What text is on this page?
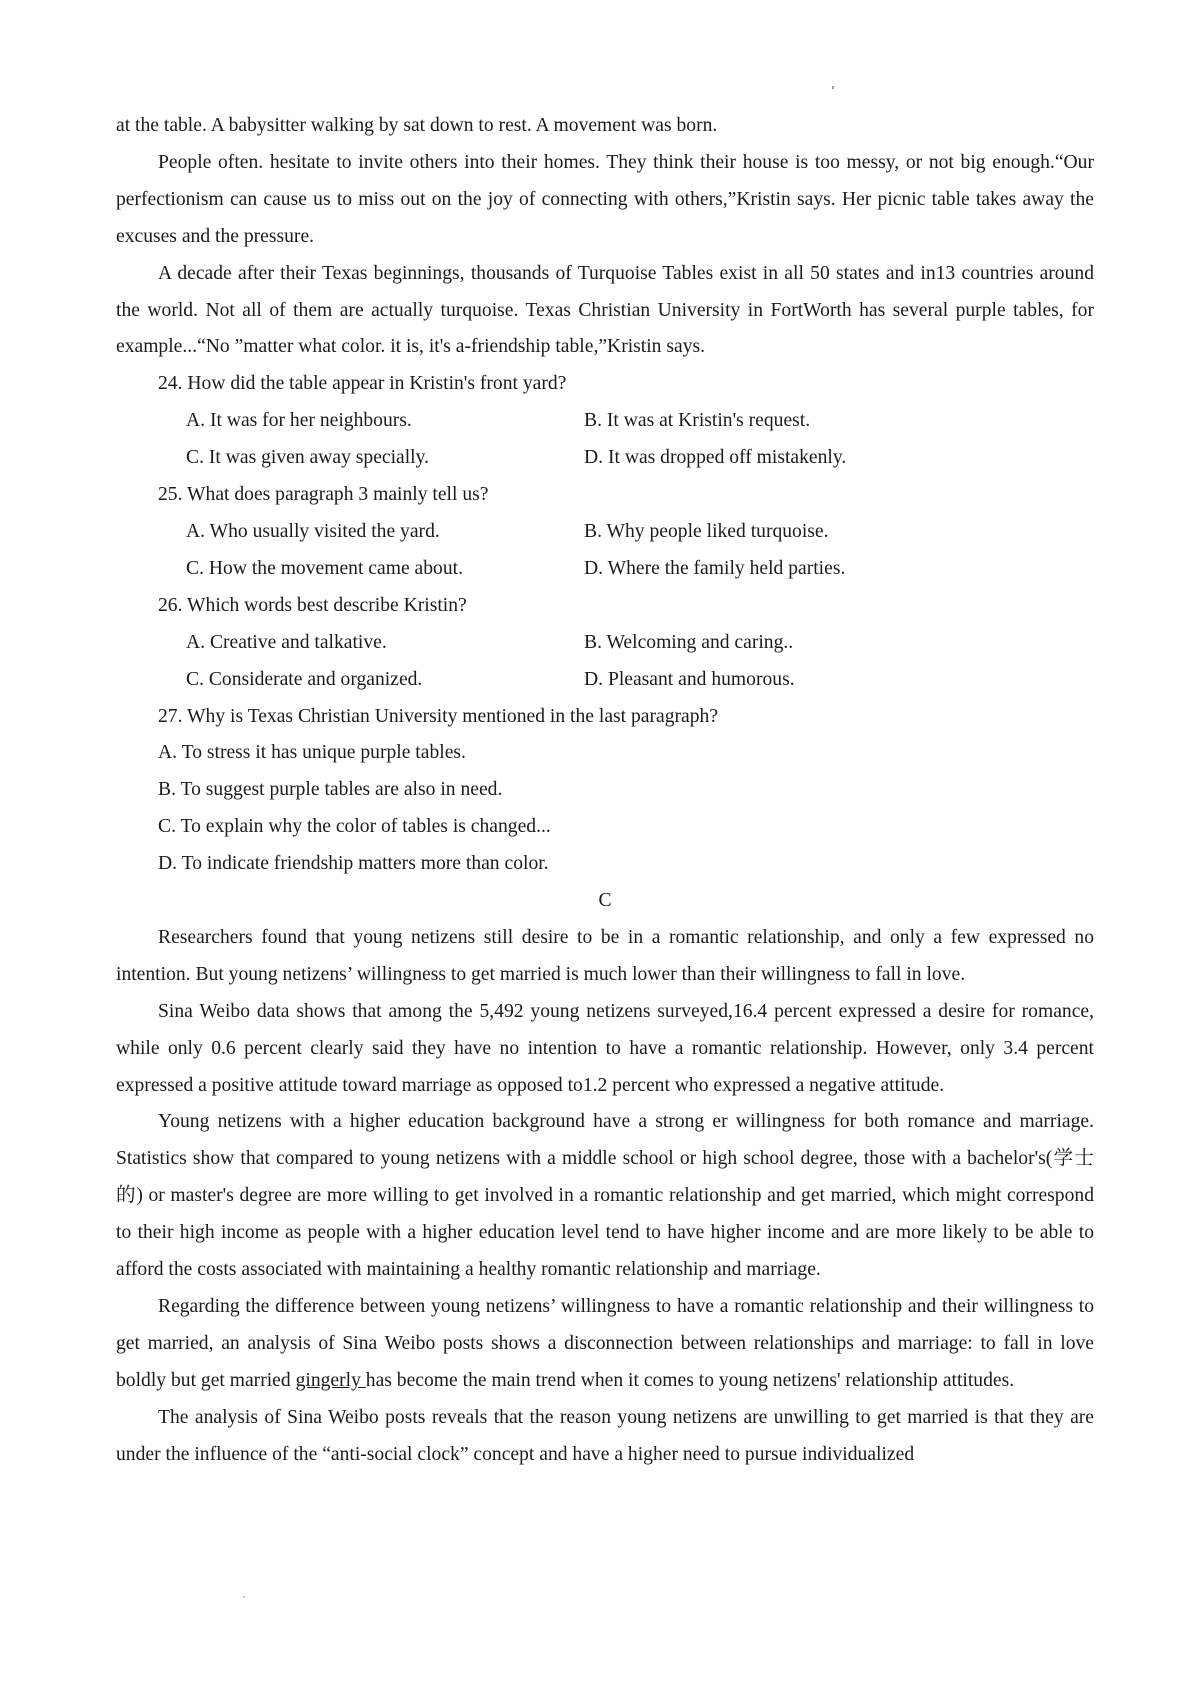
at the table. A babysitter walking by sat down to rest. A movement was born.

People often. hesitate to invite others into their homes. They think their house is too messy, or not big enough.“Our perfectionism can cause us to miss out on the joy of connecting with others,”Kristin says. Her picnic table takes away the excuses and the pressure.

A decade after their Texas beginnings, thousands of Turquoise Tables exist in all 50 states and in13 countries around the world. Not all of them are actually turquoise. Texas Christian University in FortWorth has several purple tables, for example...“No ”matter what color. it is, it's a-friendship table,”Kristin says.

24. How did the table appear in Kristin's front yard?

A. It was for her neighbours.	B. It was at Kristin's request.
C. It was given away specially.	D. It was dropped off mistakenly.

25. What does paragraph 3 mainly tell us?

A. Who usually visited the yard.	B. Why people liked turquoise.
C. How the movement came about.	D. Where the family held parties.

26. Which words best describe Kristin?

A. Creative and talkative.	B. Welcoming and caring..
C. Considerate and organized.	D. Pleasant and humorous.

27. Why is Texas Christian University mentioned in the last paragraph?

A. To stress it has unique purple tables.

B. To suggest purple tables are also in need.

C. To explain why the color of tables is changed...

D. To indicate friendship matters more than color.

C

Researchers found that young netizens still desire to be in a romantic relationship, and only a few expressed no intention. But young netizens’ willingness to get married is much lower than their willingness to fall in love.

Sina Weibo data shows that among the 5,492 young netizens surveyed,16.4 percent expressed a desire for romance, while only 0.6 percent clearly said they have no intention to have a romantic relationship. However, only 3.4 percent expressed a positive attitude toward marriage as opposed to1.2 percent who expressed a negative attitude.

Young netizens with a higher education background have a strong er willingness for both romance and marriage. Statistics show that compared to young netizens with a middle school or high school degree, those with a bachelor's(学士的) or master's degree are more willing to get involved in a romantic relationship and get married, which might correspond to their high income as people with a higher education level tend to have higher income and are more likely to be able to afford the costs associated with maintaining a healthy romantic relationship and marriage.

Regarding the difference between young netizens’ willingness to have a romantic relationship and their willingness to get married, an analysis of Sina Weibo posts shows a disconnection between relationships and marriage: to fall in love boldly but get married gingerly has become the main trend when it comes to young netizens' relationship attitudes.

The analysis of Sina Weibo posts reveals that the reason young netizens are unwilling to get married is that they are under the influence of the “anti-social clock” concept and have a higher need to pursue individualized
